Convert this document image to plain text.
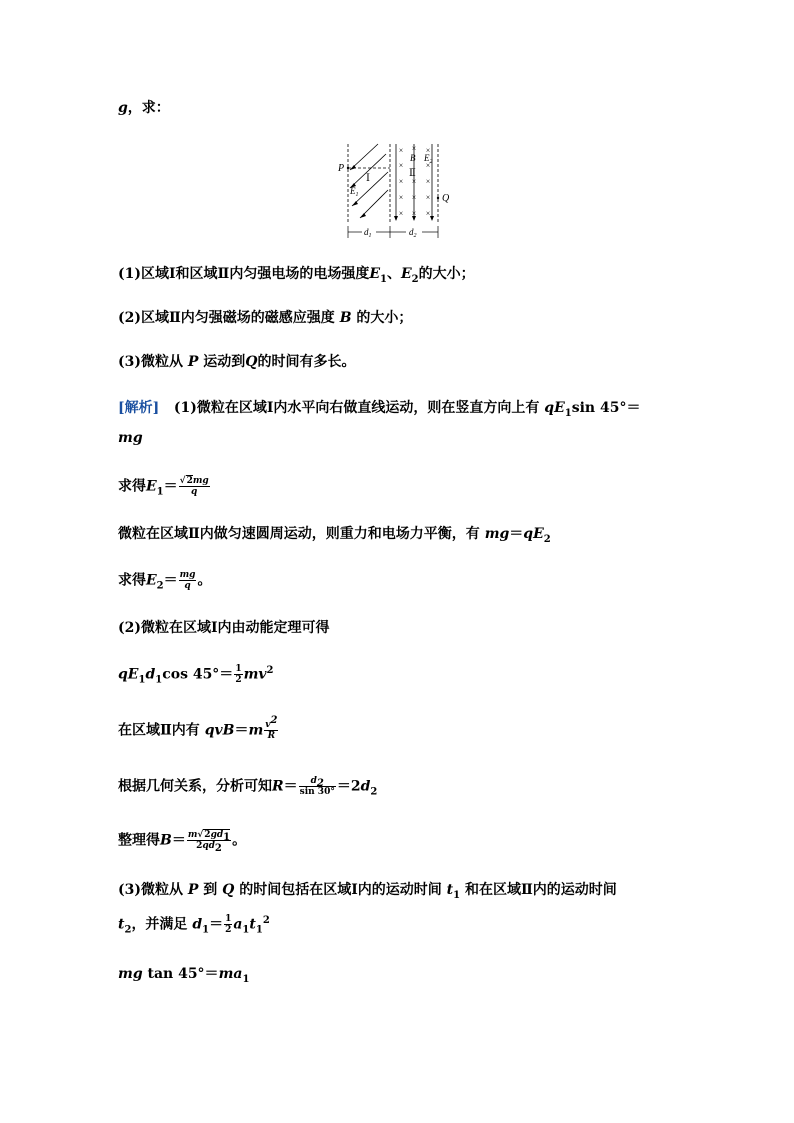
g，求：
×
×
×
×
×
×
×
×
×
×
×
×
×
×
P
Ⅰ
$E_1$
B
Ⅱ
$E_2$
Q
$d_1$	$d_2$
(1)区域Ⅰ和区域Ⅱ内匀强电场的电场强度$E_1$、$E_2$的大小；
(2)区域Ⅱ内匀强磁场的磁感应强度 B 的大小；
(3)微粒从 P 运动到Q的时间有多长。
[解析] (1)微粒在区域Ⅰ内水平向右做直线运动，则在竖直方向上有 $qE_1\sin$ 45°＝
mg
求得$E_1= \frac{√2mg}{q}$
微粒在区域Ⅱ内做匀速圆周运动，则重力和电场力平衡，有 $mg=qE_2$
求得$E_2= \frac{mg}{q}$ 。
(2)微粒在区域Ⅰ内由动能定理可得
$qE_1d_1\cos$ $45^\circ= \frac{1}{2} mv^2$
在区域Ⅱ内有 $qvB=m \frac{v^2}{R}$
根据几何关系，分析可知$R= \frac{d_2}{\sin 30^\circ} =2d_2$
整理得$B= \frac{m√2gd_1}{2qd_2}$ 。
(3)微粒从 P 到 Q 的时间包括在区域Ⅰ内的运动时间 $t_1$ 和在区域Ⅱ内的运动时间
$t_2$，并满足 $d_1= \frac{1}{2} a_1t_1^2$
mg $\tan 45^\circ=ma_1$
